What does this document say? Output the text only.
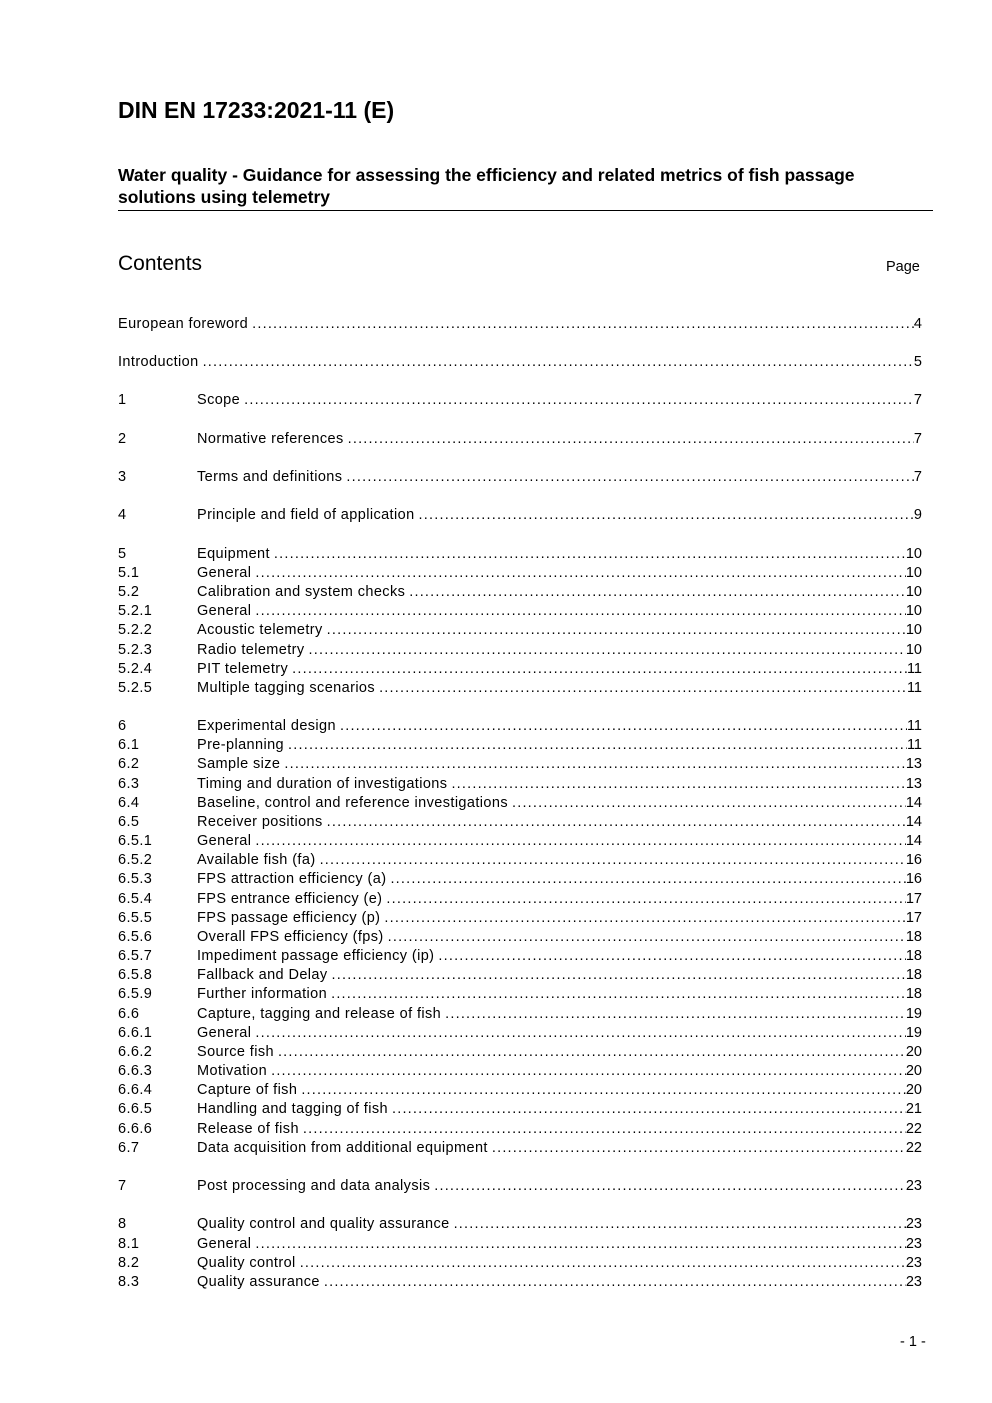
DIN EN 17233:2021-11 (E)
Water quality - Guidance for assessing the efficiency and related metrics of fish passage solutions using telemetry
Contents	Page
European foreword .....	4
Introduction .....	5
1	Scope .....	7
2	Normative references .....	7
3	Terms and definitions .....	7
4	Principle and field of application .....	9
5	Equipment .....	10
5.1	General .....	10
5.2	Calibration and system checks .....	10
5.2.1	General .....	10
5.2.2	Acoustic telemetry .....	10
5.2.3	Radio telemetry .....	10
5.2.4	PIT telemetry .....	11
5.2.5	Multiple tagging scenarios .....	11
6	Experimental design .....	11
6.1	Pre-planning .....	11
6.2	Sample size .....	13
6.3	Timing and duration of investigations .....	13
6.4	Baseline, control and reference investigations .....	14
6.5	Receiver positions .....	14
6.5.1	General .....	14
6.5.2	Available fish (fa) .....	16
6.5.3	FPS attraction efficiency (a) .....	16
6.5.4	FPS entrance efficiency (e) .....	17
6.5.5	FPS passage efficiency (p) .....	17
6.5.6	Overall FPS efficiency (fps) .....	18
6.5.7	Impediment passage efficiency (ip) .....	18
6.5.8	Fallback and Delay .....	18
6.5.9	Further information .....	18
6.6	Capture, tagging and release of fish .....	19
6.6.1	General .....	19
6.6.2	Source fish .....	20
6.6.3	Motivation .....	20
6.6.4	Capture of fish .....	20
6.6.5	Handling and tagging of fish .....	21
6.6.6	Release of fish .....	22
6.7	Data acquisition from additional equipment .....	22
7	Post processing and data analysis .....	23
8	Quality control and quality assurance .....	23
8.1	General .....	23
8.2	Quality control .....	23
8.3	Quality assurance .....	23
- 1 -
